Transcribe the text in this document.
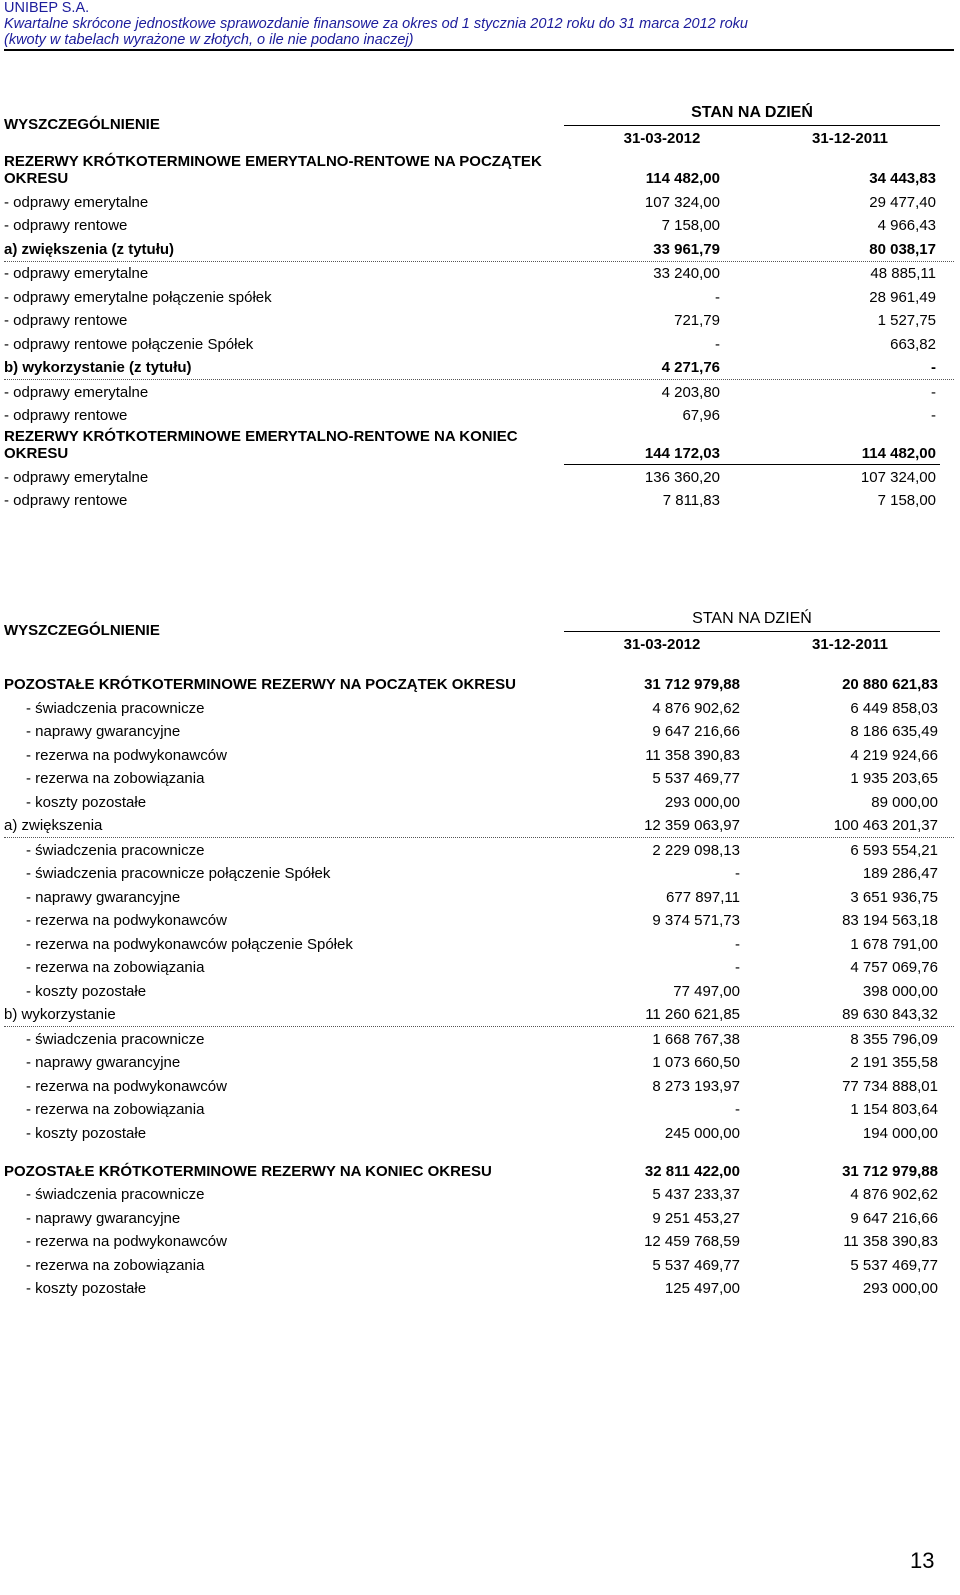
UNIBEP S.A.
Kwartalne skrócone jednostkowe sprawozdanie finansowe za okres od 1 stycznia 2012 roku do 31 marca 2012 roku
(kwoty w tabelach wyrażone w złotych, o ile nie podano inaczej)
WYSZCZEGÓLNIENIE
STAN NA DZIEŃ
31-03-2012	31-12-2011
REZERWY KRÓTKOTERMINOWE EMERYTALNO-RENTOWE NA POCZĄTEK OKRESU	114 482,00	34 443,83
- odprawy emerytalne	107 324,00	29 477,40
- odprawy rentowe	7 158,00	4 966,43
a) zwiększenia (z tytułu)	33 961,79	80 038,17
- odprawy emerytalne	33 240,00	48 885,11
- odprawy emerytalne połączenie spółek	-	28 961,49
- odprawy rentowe	721,79	1 527,75
- odprawy rentowe połączenie Spółek	-	663,82
b) wykorzystanie (z tytułu)	4 271,76	-
- odprawy emerytalne	4 203,80	-
- odprawy rentowe	67,96	-
REZERWY KRÓTKOTERMINOWE EMERYTALNO-RENTOWE NA KONIEC OKRESU	144 172,03	114 482,00
- odprawy emerytalne	136 360,20	107 324,00
- odprawy rentowe	7 811,83	7 158,00
WYSZCZEGÓLNIENIE
STAN NA DZIEŃ
31-03-2012	31-12-2011
POZOSTAŁE KRÓTKOTERMINOWE REZERWY NA POCZĄTEK OKRESU	31 712 979,88	20 880 621,83
- świadczenia pracownicze	4 876 902,62	6 449 858,03
- naprawy gwarancyjne	9 647 216,66	8 186 635,49
- rezerwa na podwykonawców	11 358 390,83	4 219 924,66
- rezerwa na zobowiązania	5 537 469,77	1 935 203,65
- koszty pozostałe	293 000,00	89 000,00
a) zwiększenia	12 359 063,97	100 463 201,37
- świadczenia pracownicze	2 229 098,13	6 593 554,21
- świadczenia pracownicze połączenie Spółek	-	189 286,47
- naprawy gwarancyjne	677 897,11	3 651 936,75
- rezerwa na podwykonawców	9 374 571,73	83 194 563,18
- rezerwa na podwykonawców połączenie Spółek	-	1 678 791,00
- rezerwa na zobowiązania	-	4 757 069,76
- koszty pozostałe	77 497,00	398 000,00
b) wykorzystanie	11 260 621,85	89 630 843,32
- świadczenia pracownicze	1 668 767,38	8 355 796,09
- naprawy gwarancyjne	1 073 660,50	2 191 355,58
- rezerwa na podwykonawców	8 273 193,97	77 734 888,01
- rezerwa na zobowiązania	-	1 154 803,64
- koszty pozostałe	245 000,00	194 000,00
POZOSTAŁE KRÓTKOTERMINOWE REZERWY NA KONIEC OKRESU	32 811 422,00	31 712 979,88
- świadczenia pracownicze	5 437 233,37	4 876 902,62
- naprawy gwarancyjne	9 251 453,27	9 647 216,66
- rezerwa na podwykonawców	12 459 768,59	11 358 390,83
- rezerwa na zobowiązania	5 537 469,77	5 537 469,77
- koszty pozostałe	125 497,00	293 000,00
13
